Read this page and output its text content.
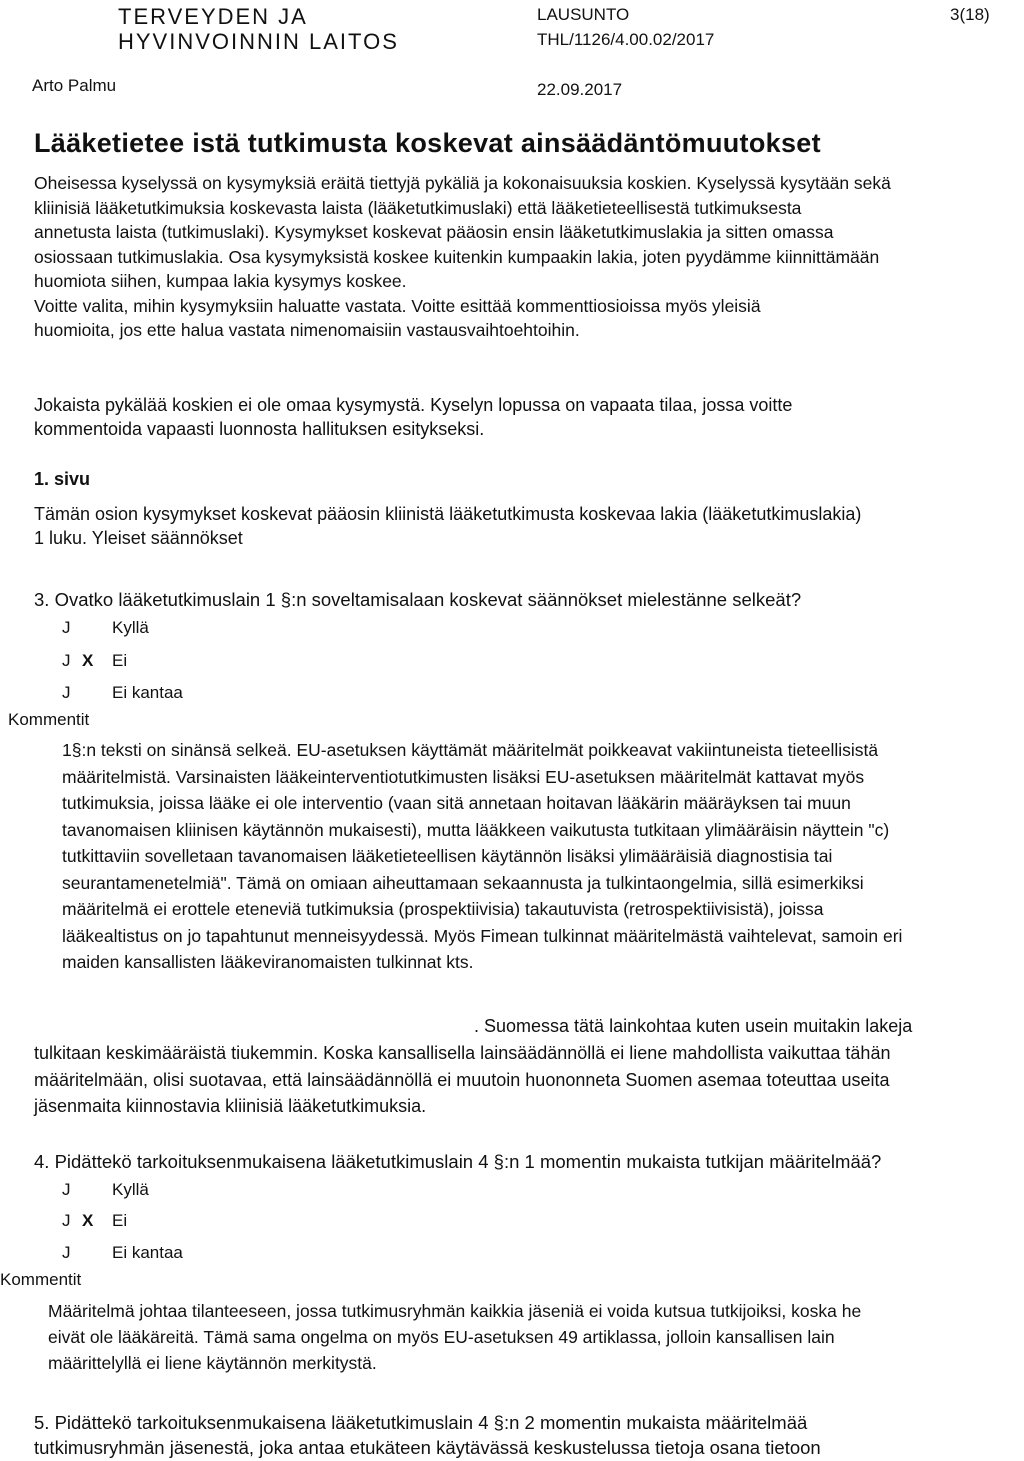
TERVEYDEN JA
HYVINVOINNIN LAITOS
LAUSUNTO
THL/1126/4.00.02/2017
3(18)
Arto Palmu	22.09.2017
Lääketietee istä tutkimusta koskevat ainsäädäntömuutokset
Oheisessa kyselyssä on kysymyksiä eräitä tiettyjä pykäliä ja kokonaisuuksia koskien. Kyselyssä kysytään sekä
kliinisiä lääketutkimuksia koskevasta laista (lääketutkimuslaki) että lääketieteellisestä tutkimuksesta
annetusta laista (tutkimuslaki). Kysymykset koskevat pääosin ensin lääketutkimuslakia ja sitten omassa
osiossaan tutkimuslakia. Osa kysymyksistä koskee kuitenkin kumpaakin lakia, joten pyydämme kiinnittämään
huomiota siihen, kumpaa lakia kysymys koskee.
Voitte valita, mihin kysymyksiin haluatte vastata. Voitte esittää kommenttiosioissa myös yleisiä
huomioita, jos ette halua vastata nimenomaisiin vastausvaihtoehtoihin.
Jokaista pykälää koskien ei ole omaa kysymystä. Kyselyn lopussa on vapaata tilaa, jossa voitte
kommentoida vapaasti luonnosta hallituksen esitykseksi.
1. sivu
Tämän osion kysymykset koskevat pääosin kliinistä lääketutkimusta koskevaa lakia (lääketutkimuslakia)
1 luku. Yleiset säännökset
3. Ovatko lääketutkimuslain 1 §:n soveltamisalaan koskevat säännökset mielestänne selkeät?
J Kyllä
J X Ei
J Ei kantaa
Kommentit
1§:n teksti on sinänsä selkeä. EU-asetuksen käyttämät määritelmät poikkeavat vakiintuneista tieteellisistä
määritelmistä. Varsinaisten lääkeinterventiotutkimusten lisäksi EU-asetuksen määritelmät kattavat myös
tutkimuksia, joissa lääke ei ole interventio (vaan sitä annetaan hoitavan lääkärin määräyksen tai muun
tavanomaisen kliinisen käytännön mukaisesti), mutta lääkkeen vaikutusta tutkitaan ylimääräisin näyttein "c)
tutkittaviin sovelletaan tavanomaisen lääketieteellisen käytännön lisäksi ylimääräisiä diagnostisia tai
seurantamenetelmiä". Tämä on omiaan aiheuttamaan sekaannusta ja tulkintaongelmia, sillä esimerkiksi
määritelmä ei erottele eteneviä tutkimuksia (prospektiivisia) takautuvista (retrospektiivisistä), joissa
lääkealtistus on jo tapahtunut menneisyydessä. Myös Fimean tulkinnat määritelmästä vaihtelevat, samoin eri
maiden kansallisten lääkeviranomaisten tulkinnat kts.
. Suomessa tätä lainkohtaa kuten usein muitakin lakeja
tulkitaan keskimääräistä tiukemmin. Koska kansallisella lainsäädännöllä ei liene mahdollista vaikuttaa tähän
määritelmään, olisi suotavaa, että lainsäädännöllä ei muutoin huononneta Suomen asemaa toteuttaa useita
jäsenmaita kiinnostavia kliinisiä lääketutkimuksia.
4. Pidättekö tarkoituksenmukaisena lääketutkimuslain 4 §:n 1 momentin mukaista tutkijan määritelmää?
J Kyllä
J X Ei
J Ei kantaa
Kommentit
Määritelmä johtaa tilanteeseen, jossa tutkimusryhmän kaikkia jäseniä ei voida kutsua tutkijoiksi, koska he
eivät ole lääkäreitä. Tämä sama ongelma on myös EU-asetuksen 49 artiklassa, jolloin kansallisen lain
määrittelyllä ei liene käytännön merkitystä.
5. Pidättekö tarkoituksenmukaisena lääketutkimuslain 4 §:n 2 momentin mukaista määritelmää
tutkimusryhmän jäsenestä, joka antaa etukäteen käytävässä keskustelussa tietoja osana tietoon
